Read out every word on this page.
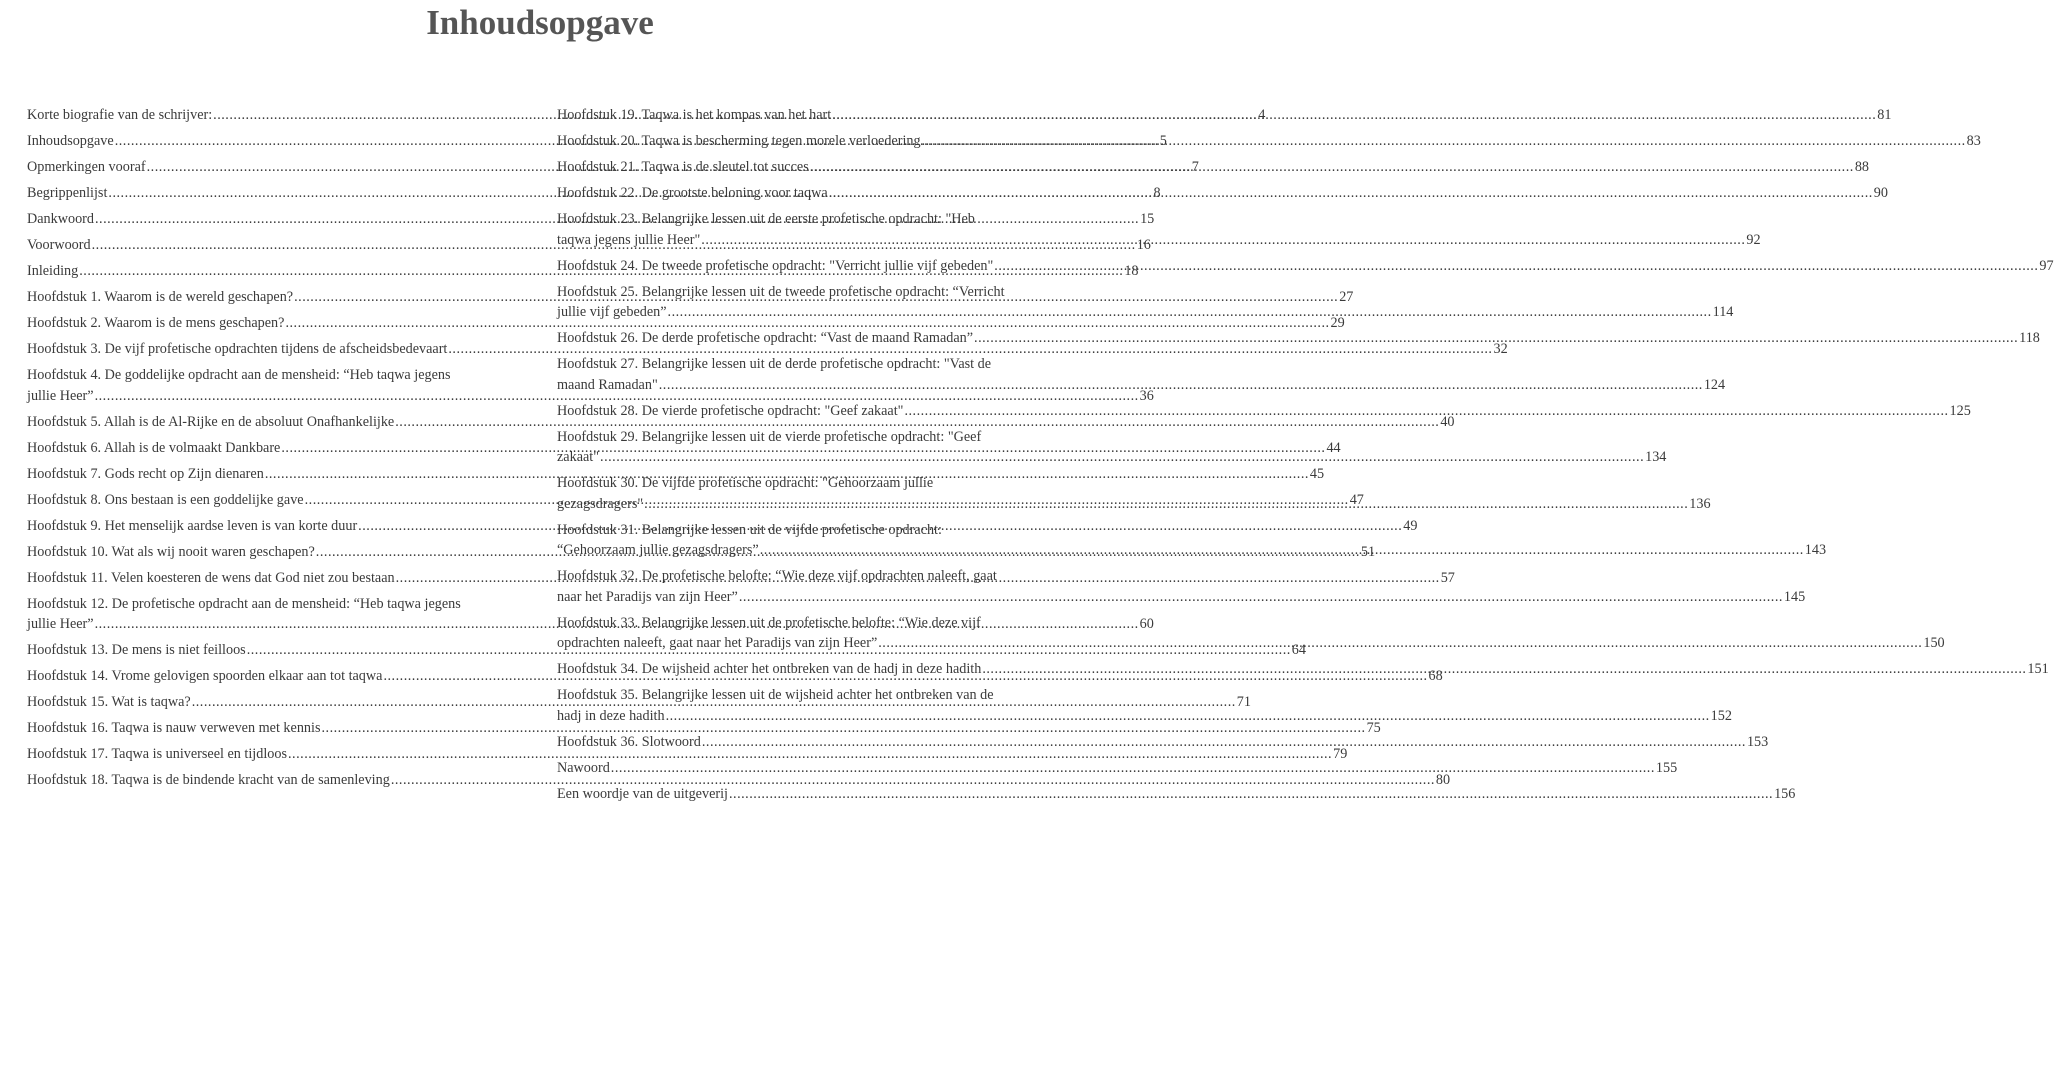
Inhoudsopgave
Korte biografie van de schrijver: .....	4
Inhoudsopgave .....	5
Opmerkingen vooraf .....	7
Begrippenlijst .....	8
Dankwoord .....	15
Voorwoord .....	16
Inleiding .....	18
Hoofdstuk 1. Waarom is de wereld geschapen? .....	27
Hoofdstuk 2. Waarom is de mens geschapen? .....	29
Hoofdstuk 3. De vijf profetische opdrachten tijdens de afscheidsbedevaart .....	32
Hoofdstuk 4. De goddelijke opdracht aan de mensheid: “Heb taqwa jegens
jullie Heer” .....	36
Hoofdstuk 5. Allah is de Al-Rijke en de absoluut Onafhankelijke .....	40
Hoofdstuk 6. Allah is de volmaakt Dankbare .....	44
Hoofdstuk 7. Gods recht op Zijn dienaren .....	45
Hoofdstuk 8. Ons bestaan is een goddelijke gave .....	47
Hoofdstuk 9. Het menselijk aardse leven is van korte duur .....	49
Hoofdstuk 10. Wat als wij nooit waren geschapen? .....	51
Hoofdstuk 11. Velen koesteren de wens dat God niet zou bestaan .....	57
Hoofdstuk 12. De profetische opdracht aan de mensheid: “Heb taqwa jegens
jullie Heer” .....	60
Hoofdstuk 13. De mens is niet feilloos .....	64
Hoofdstuk 14. Vrome gelovigen spoorden elkaar aan tot taqwa .....	68
Hoofdstuk 15. Wat is taqwa? .....	71
Hoofdstuk 16. Taqwa is nauw verweven met kennis .....	75
Hoofdstuk 17. Taqwa is universeel en tijdloos .....	79
Hoofdstuk 18. Taqwa is de bindende kracht van de samenleving .....	80
Hoofdstuk 19. Taqwa is het kompas van het hart .....	81
Hoofdstuk 20. Taqwa is bescherming tegen morele verloedering .....	83
Hoofdstuk 21. Taqwa is de sleutel tot succes .....	88
Hoofdstuk 22. De grootste beloning voor taqwa .....	90
Hoofdstuk 23. Belangrijke lessen uit de eerste profetische opdracht: "Heb
taqwa jegens jullie Heer" .....	92
Hoofdstuk 24. De tweede profetische opdracht: "Verricht jullie vijf gebeden" .....	97
Hoofdstuk 25. Belangrijke lessen uit de tweede profetische opdracht: “Verricht
jullie vijf gebeden” .....	114
Hoofdstuk 26. De derde profetische opdracht: “Vast de maand Ramadan” .....	118
Hoofdstuk 27. Belangrijke lessen uit de derde profetische opdracht: "Vast de
maand Ramadan" .....	124
Hoofdstuk 28. De vierde profetische opdracht: "Geef zakaat" .....	125
Hoofdstuk 29. Belangrijke lessen uit de vierde profetische opdracht: "Geef
zakaat" .....	134
Hoofdstuk 30. De vijfde profetische opdracht: "Gehoorzaam jullie
gezagsdragers" .....	136
Hoofdstuk 31. Belangrijke lessen uit de vijfde profetische opdracht:
“Gehoorzaam jullie gezagsdragers” .....	143
Hoofdstuk 32. De profetische belofte: “Wie deze vijf opdrachten naleeft, gaat
naar het Paradijs van zijn Heer” .....	145
Hoofdstuk 33. Belangrijke lessen uit de profetische belofte: “Wie deze vijf
opdrachten naleeft, gaat naar het Paradijs van zijn Heer” .....	150
Hoofdstuk 34. De wijsheid achter het ontbreken van de hadj in deze hadith .....	151
Hoofdstuk 35. Belangrijke lessen uit de wijsheid achter het ontbreken van de
hadj in deze hadith .....	152
Hoofdstuk 36. Slotwoord .....	153
Nawoord .....	155
Een woordje van de uitgeverij .....	156
